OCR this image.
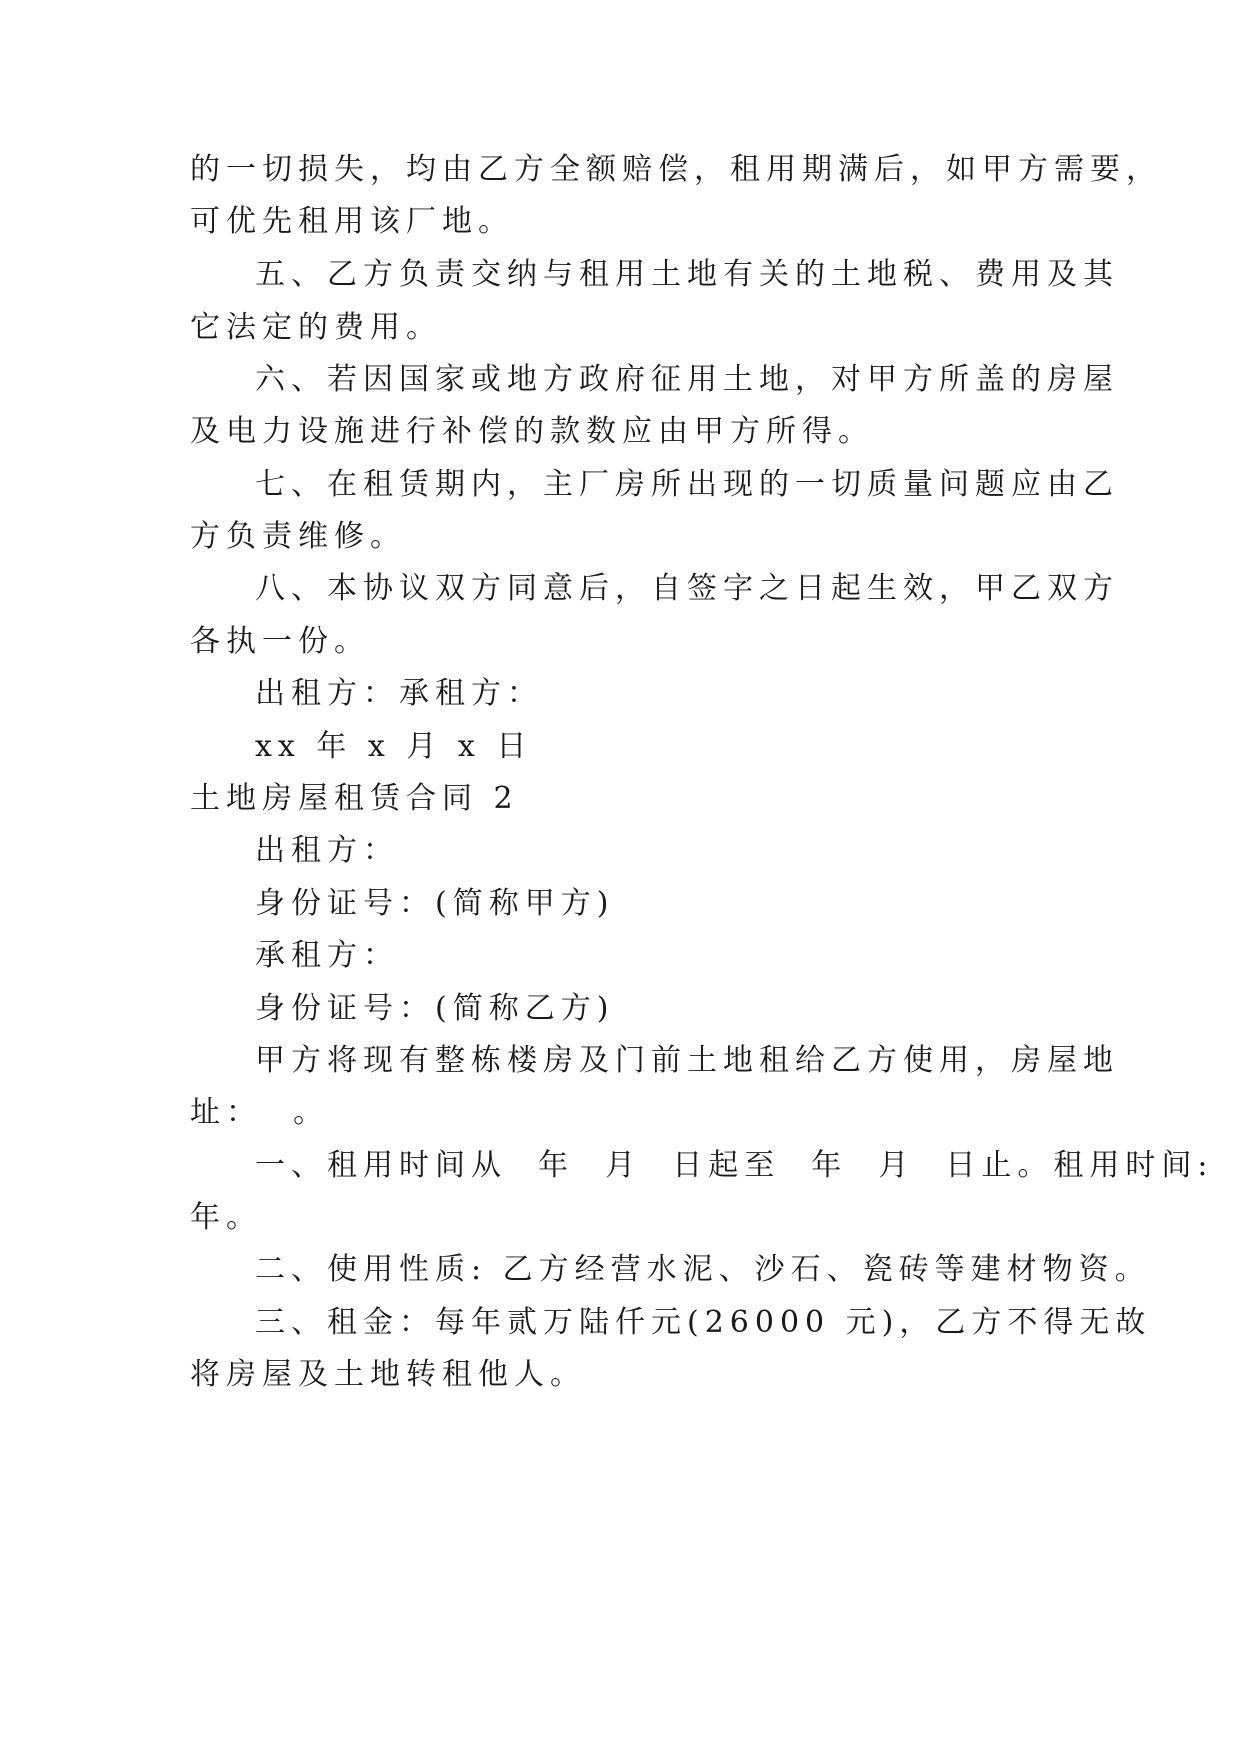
的一切损失，均由乙方全额赔偿，租用期满后，如甲方需要，
可优先租用该厂地。
五、乙方负责交纳与租用土地有关的土地税、费用及其
它法定的费用。
六、若因国家或地方政府征用土地，对甲方所盖的房屋
及电力设施进行补偿的款数应由甲方所得。
七、在租赁期内，主厂房所出现的一切质量问题应由乙
方负责维修。
八、本协议双方同意后，自签字之日起生效，甲乙双方
各执一份。
出租方：承租方：
xx 年 x 月 x 日
土地房屋租赁合同 2
出租方：
身份证号：(简称甲方)
承租方：
身份证号：(简称乙方)
甲方将现有整栋楼房及门前土地租给乙方使用，房屋地
址：  。
一、租用时间从  年  月  日起至  年  月  日止。租用时间:
年。
二、使用性质: 乙方经营水泥、沙石、瓷砖等建材物资。
三、租金：每年贰万陆仟元(26000 元)，乙方不得无故
将房屋及土地转租他人。
